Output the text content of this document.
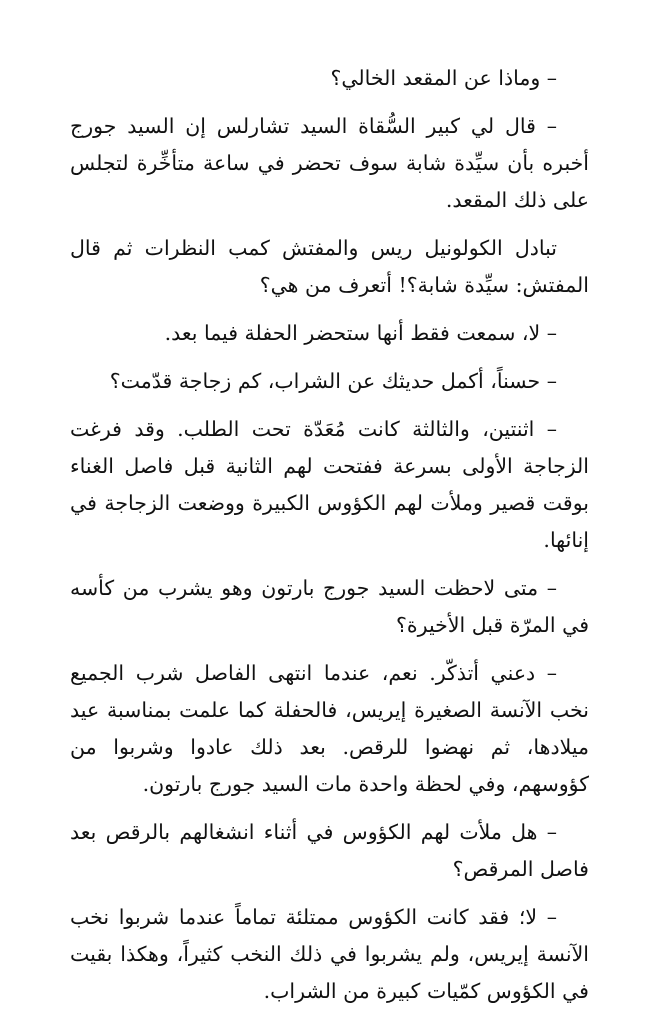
– وماذا عن المقعد الخالي؟

– قال لي كبير السُّقاة السيد تشارلس إن السيد جورج أخبره بأن سيِّدة شابة سوف تحضر في ساعة متأخِّرة لتجلس على ذلك المقعد.

تبادل الكولونيل ريس والمفتش كمب النظرات ثم قال المفتش: سيِّدة شابة؟! أتعرف من هي؟

– لا، سمعت فقط أنها ستحضر الحفلة فيما بعد.

– حسناً، أكمل حديثك عن الشراب، كم زجاجة قدّمت؟

– اثنتين، والثالثة كانت مُعَدّة تحت الطلب. وقد فرغت الزجاجة الأولى بسرعة ففتحت لهم الثانية قبل فاصل الغناء بوقت قصير وملأت لهم الكؤوس الكبيرة ووضعت الزجاجة في إنائها.

– متى لاحظت السيد جورج بارتون وهو يشرب من كأسه في المرّة قبل الأخيرة؟

– دعني أتذكّر. نعم، عندما انتهى الفاصل شرب الجميع نخب الآنسة الصغيرة إيريس، فالحفلة كما علمت بمناسبة عيد ميلادها، ثم نهضوا للرقص. بعد ذلك عادوا وشربوا من كؤوسهم، وفي لحظة واحدة مات السيد جورج بارتون.

– هل ملأت لهم الكؤوس في أثناء انشغالهم بالرقص بعد فاصل المرقص؟

– لا؛ فقد كانت الكؤوس ممتلئة تماماً عندما شربوا نخب الآنسة إيريس، ولم يشربوا في ذلك النخب كثيراً، وهكذا بقيت في الكؤوس كمّيات كبيرة من الشراب.
